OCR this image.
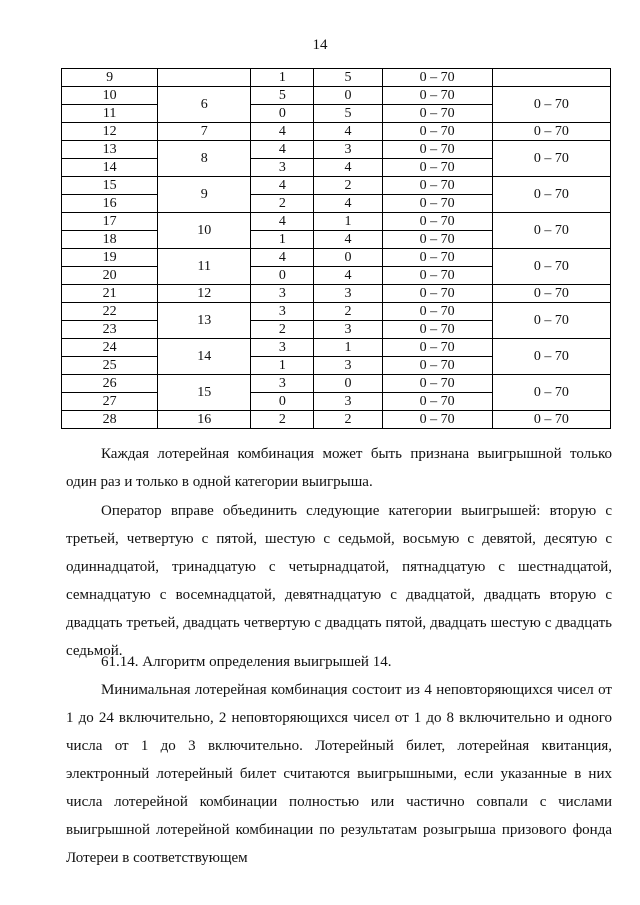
14
9		1	5	0 – 70	
10	6	5	0	0 – 70	0 – 70
11		0	5	0 – 70	
12	7	4	4	0 – 70	0 – 70
13	8	4	3	0 – 70	0 – 70
14		3	4	0 – 70	
15	9	4	2	0 – 70	0 – 70
16		2	4	0 – 70	
17	10	4	1	0 – 70	0 – 70
18		1	4	0 – 70	
19	11	4	0	0 – 70	0 – 70
20		0	4	0 – 70	
21	12	3	3	0 – 70	0 – 70
22	13	3	2	0 – 70	0 – 70
23		2	3	0 – 70	
24	14	3	1	0 – 70	0 – 70
25		1	3	0 – 70	
26	15	3	0	0 – 70	0 – 70
27		0	3	0 – 70	
28	16	2	2	0 – 70	0 – 70

Каждая лотерейная комбинация может быть признана выигрышной только один раз и только в одной категории выигрыша.

Оператор вправе объединить следующие категории выигрышей: вторую с третьей, четвертую с пятой, шестую с седьмой, восьмую с девятой, десятую с одиннадцатой, тринадцатую с четырнадцатой, пятнадцатую с шестнадцатой, семнадцатую с восемнадцатой, девятнадцатую с двадцатой, двадцать вторую с двадцать третьей, двадцать четвертую с двадцать пятой, двадцать шестую с двадцать седьмой.

61.14. Алгоритм определения выигрышей 14.

Минимальная лотерейная комбинация состоит из 4 неповторяющихся чисел от 1 до 24 включительно, 2 неповторяющихся чисел от 1 до 8 включительно и одного числа от 1 до 3 включительно. Лотерейный билет, лотерейная квитанция, электронный лотерейный билет считаются выигрышными, если указанные в них числа лотерейной комбинации полностью или частично совпали с числами выигрышной лотерейной комбинации по результатам розыгрыша призового фонда Лотереи в соответствующем
